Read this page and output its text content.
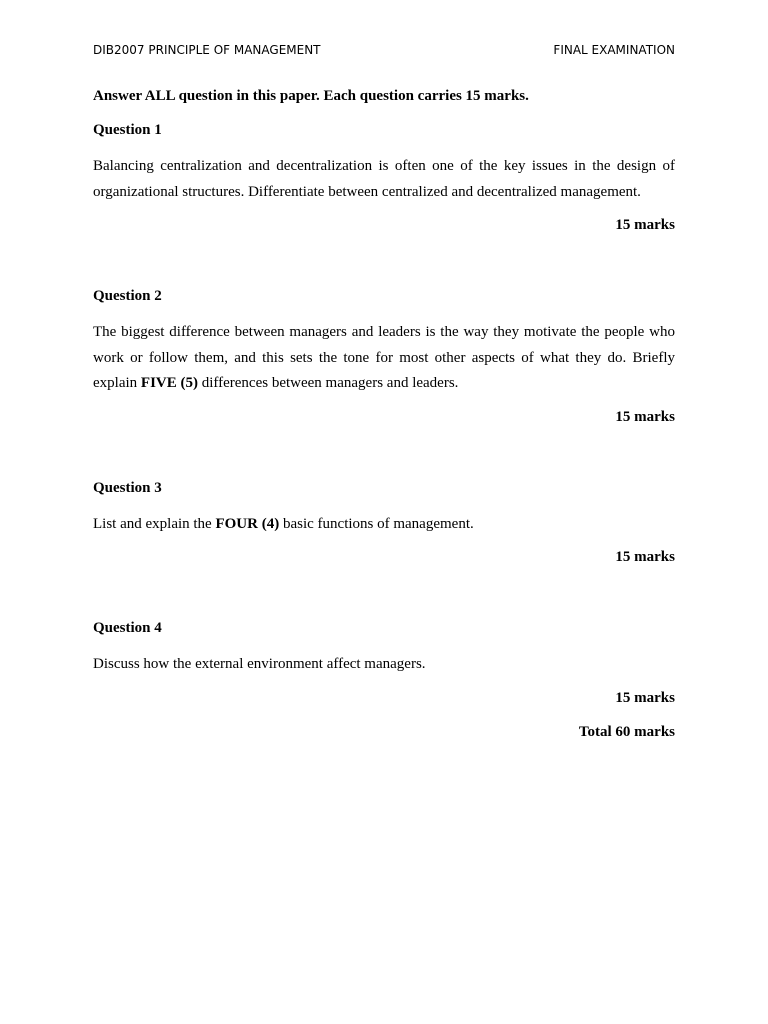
DIB2007 PRINCIPLE OF MANAGEMENT	FINAL EXAMINATION

Answer ALL question in this paper. Each question carries 15 marks.

Question 1

Balancing centralization and decentralization is often one of the key issues in the design of organizational structures. Differentiate between centralized and decentralized management.

15 marks

Question 2

The biggest difference between managers and leaders is the way they motivate the people who work or follow them, and this sets the tone for most other aspects of what they do. Briefly explain FIVE (5) differences between managers and leaders.

15 marks

Question 3

List and explain the FOUR (4) basic functions of management.

15 marks

Question 4

Discuss how the external environment affect managers.

15 marks

Total 60 marks
